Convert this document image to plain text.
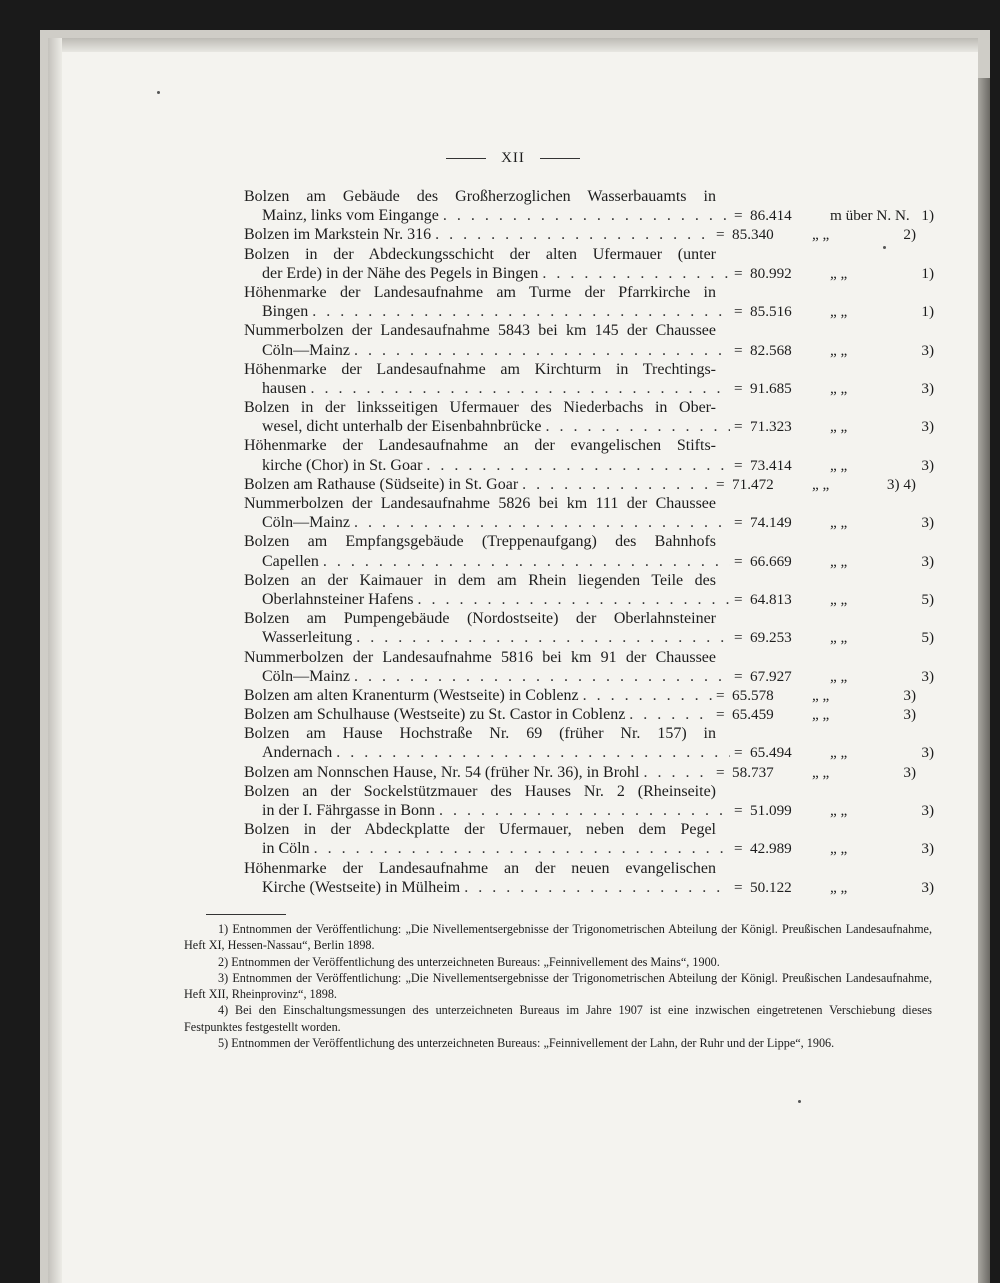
XII
Bolzen am Gebäude des Großherzoglichen Wasserbauamts in
Mainz, links vom Eingange . . .	= 86.414	m über N. N. 1)
Bolzen im Markstein Nr. 316 . . .	= 85.340	„ „	2)
Bolzen in der Abdeckungsschicht der alten Ufermauer (unter
der Erde) in der Nähe des Pegels in Bingen . . .	= 80.992	„ „	1)
Höhenmarke der Landesaufnahme am Turme der Pfarrkirche in
Bingen . . .	= 85.516	„ „	1)
Nummerbolzen der Landesaufnahme 5843 bei km 145 der Chaussee
Cöln—Mainz . . .	= 82.568	„ „	3)
Höhenmarke der Landesaufnahme am Kirchturm in Trechtings-
hausen . . .	= 91.685	„ „	3)
Bolzen in der linksseitigen Ufermauer des Niederbachs in Ober-
wesel, dicht unterhalb der Eisenbahnbrücke . . .	= 71.323	„ „	3)
Höhenmarke der Landesaufnahme an der evangelischen Stifts-
kirche (Chor) in St. Goar . . .	= 73.414	„ „	3)
Bolzen am Rathause (Südseite) in St. Goar . . .	= 71.472	„ „	3) 4)
Nummerbolzen der Landesaufnahme 5826 bei km 111 der Chaussee
Cöln—Mainz . . .	= 74.149	„ „	3)
Bolzen am Empfangsgebäude (Treppenaufgang) des Bahnhofs
Capellen . . .	= 66.669	„ „	3)
Bolzen an der Kaimauer in dem am Rhein liegenden Teile des
Oberlahnsteiner Hafens . . .	= 64.813	„ „	5)
Bolzen am Pumpengebäude (Nordostseite) der Oberlahnsteiner
Wasserleitung . . .	= 69.253	„ „	5)
Nummerbolzen der Landesaufnahme 5816 bei km 91 der Chaussee
Cöln—Mainz . . .	= 67.927	„ „	3)
Bolzen am alten Kranenturm (Westseite) in Coblenz . . .	= 65.578	„ „	3)
Bolzen am Schulhause (Westseite) zu St. Castor in Coblenz . . .	= 65.459	„ „	3)
Bolzen am Hause Hochstraße Nr. 69 (früher Nr. 157) in
Andernach . . .	= 65.494	„ „	3)
Bolzen am Nonnschen Hause, Nr. 54 (früher Nr. 36), in Brohl . . .	= 58.737	„ „	3)
Bolzen an der Sockelstützmauer des Hauses Nr. 2 (Rheinseite)
in der I. Fährgasse in Bonn . . .	= 51.099	„ „	3)
Bolzen in der Abdeckplatte der Ufermauer, neben dem Pegel
in Cöln . . .	= 42.989	„ „	3)
Höhenmarke der Landesaufnahme an der neuen evangelischen
Kirche (Westseite) in Mülheim . . .	= 50.122	„ „	3)

1) Entnommen der Veröffentlichung: „Die Nivellementsergebnisse der Trigonometrischen Abteilung der Königl. Preußischen Landesaufnahme, Heft XI, Hessen-Nassau“, Berlin 1898.

2) Entnommen der Veröffentlichung des unterzeichneten Bureaus: „Feinnivellement des Mains“, 1900.

3) Entnommen der Veröffentlichung: „Die Nivellementsergebnisse der Trigonometrischen Abteilung der Königl. Preußischen Landesaufnahme, Heft XII, Rheinprovinz“, 1898.

4) Bei den Einschaltungsmessungen des unterzeichneten Bureaus im Jahre 1907 ist eine inzwischen eingetretenen Verschiebung dieses Festpunktes festgestellt worden.

5) Entnommen der Veröffentlichung des unterzeichneten Bureaus: „Feinnivellement der Lahn, der Ruhr und der Lippe“, 1906.
